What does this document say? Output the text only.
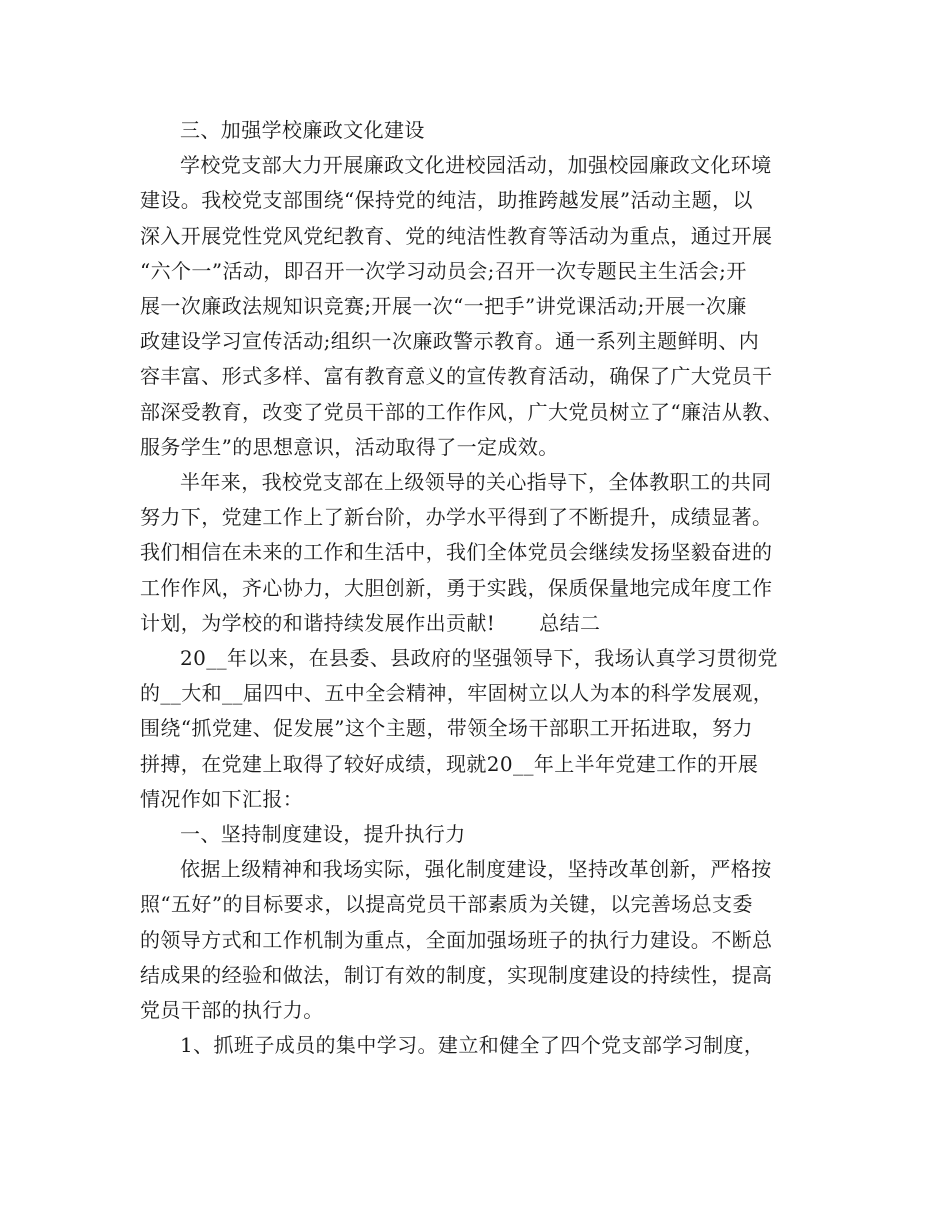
三、加强学校廉政文化建设

学校党支部大力开展廉政文化进校园活动，加强校园廉政文化环境

建设。我校党支部围绕“保持党的纯洁，助推跨越发展”活动主题，以

深入开展党性党风党纪教育、党的纯洁性教育等活动为重点，通过开展

“六个一”活动，即召开一次学习动员会;召开一次专题民主生活会;开

展一次廉政法规知识竞赛;开展一次“一把手”讲党课活动;开展一次廉

政建设学习宣传活动;组织一次廉政警示教育。通一系列主题鲜明、内

容丰富、形式多样、富有教育意义的宣传教育活动，确保了广大党员干

部深受教育，改变了党员干部的工作作风，广大党员树立了“廉洁从教、

服务学生”的思想意识，活动取得了一定成效。

半年来，我校党支部在上级领导的关心指导下，全体教职工的共同

努力下，党建工作上了新台阶，办学水平得到了不断提升，成绩显著。

我们相信在未来的工作和生活中，我们全体党员会继续发扬坚毅奋进的

工作作风，齐心协力，大胆创新，勇于实践，保质保量地完成年度工作

计划，为学校的和谐持续发展作出贡献! 总结二

20__年以来，在县委、县政府的坚强领导下，我场认真学习贯彻党

的__大和__届四中、五中全会精神，牢固树立以人为本的科学发展观，

围绕“抓党建、促发展”这个主题，带领全场干部职工开拓进取，努力

拼搏，在党建上取得了较好成绩，现就20__年上半年党建工作的开展

情况作如下汇报：

一、坚持制度建设，提升执行力

依据上级精神和我场实际，强化制度建设，坚持改革创新，严格按

照“五好”的目标要求，以提高党员干部素质为关键，以完善场总支委

的领导方式和工作机制为重点，全面加强场班子的执行力建设。不断总

结成果的经验和做法，制订有效的制度，实现制度建设的持续性，提高

党员干部的执行力。

1、抓班子成员的集中学习。建立和健全了四个党支部学习制度，
